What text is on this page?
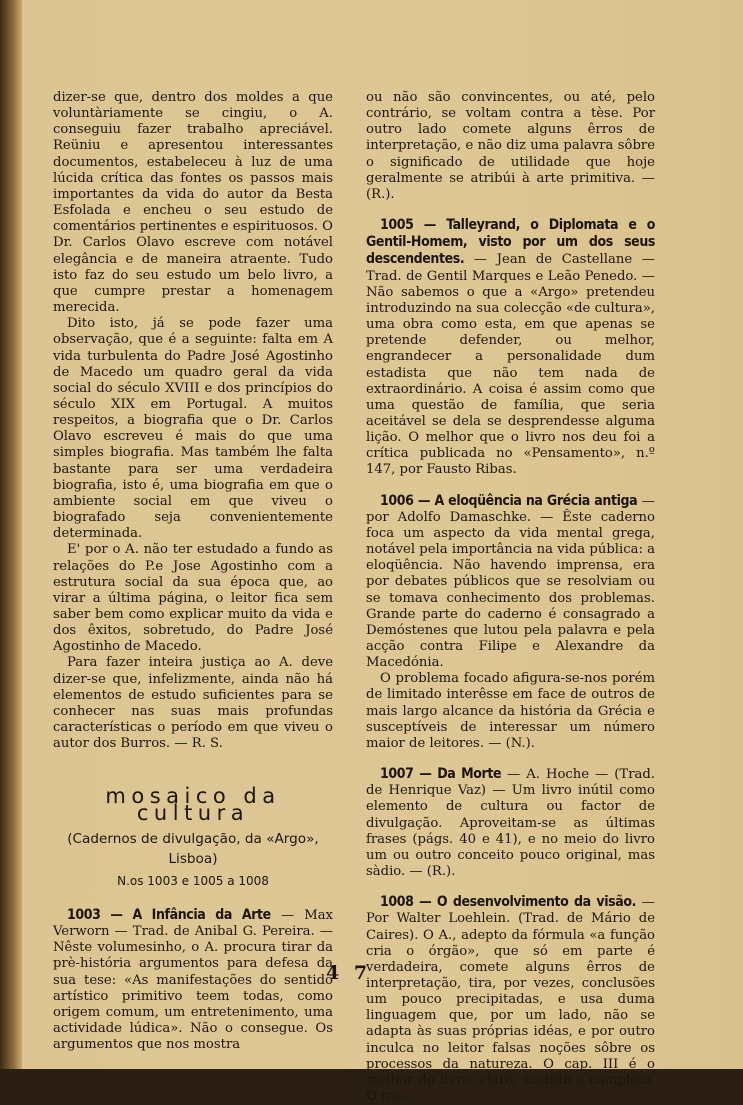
dizer-se que, dentro dos moldes a que voluntàriamente se cingiu, o A. conseguiu fazer trabalho apreciável. Reüniu e apresentou interessantes documentos, estabeleceu à luz de uma lúcida crítica das fontes os passos mais importantes da vida do autor da Besta Esfolada e encheu o seu estudo de comentários pertinentes e espirituosos. O Dr. Carlos Olavo escreve com notável elegância e de maneira atraente. Tudo isto faz do seu estudo um belo livro, a que cumpre prestar a homenagem merecida.

Dito isto, já se pode fazer uma observação, que é a seguinte: falta em A vida turbulenta do Padre José Agostinho de Macedo um quadro geral da vida social do século XVIII e dos princípios do século XIX em Portugal. A muitos respeitos, a biografia que o Dr. Carlos Olavo escreveu é mais do que uma simples biografia. Mas também lhe falta bastante para ser uma verdadeira biografia, isto é, uma biografia em que o ambiente social em que viveu o biografado seja convenientemente determinada.

E' por o A. não ter estudado a fundo as relações do P.e Jose Agostinho com a estrutura social da sua época que, ao virar a última página, o leitor fica sem saber bem como explicar muito da vida e dos êxitos, sobretudo, do Padre José Agostinho de Macedo.

Para fazer inteira justiça ao A. deve dizer-se que, infelizmente, ainda não há elementos de estudo suficientes para se conhecer nas suas mais profundas características o período em que viveu o autor dos Burros. — R. S.

mosaico da cultura

(Cadernos de divulgação, da «Argo»,

Lisboa)

N.os 1003 e 1005 a 1008

1003 — A Infância da Arte — Max Verworn — Trad. de Anibal G. Pereira. — Nêste volumesinho, o A. procura tirar da prè-história argumentos para defesa da sua tese: «As manifestações do sentido artístico primitivo teem todas, como origem comum, um entretenimento, uma actividade lúdica». Não o consegue. Os argumentos que nos mostra

ou não são convincentes, ou até, pelo contrário, se voltam contra a tèse. Por outro lado comete alguns êrros de interpretação, e não diz uma palavra sôbre o significado de utilidade que hoje geralmente se atribúi à arte primitiva. — (R.).

1005 — Talleyrand, o Diplomata e o Gentil-Homem, visto por um dos seus descendentes. — Jean de Castellane — Trad. de Gentil Marques e Leão Penedo. — Não sabemos o que a «Argo» pretendeu introduzindo na sua colecção «de cultura», uma obra como esta, em que apenas se pretende defender, ou melhor, engrandecer a personalidade dum estadista que não tem nada de extraordinário. A coisa é assim como que uma questão de família, que seria aceitável se dela se desprendesse alguma lição. O melhor que o livro nos deu foi a crítica publicada no «Pensamento», n.º 147, por Fausto Ribas.

1006 — A eloqüência na Grécia antiga — por Adolfo Damaschke. — Êste caderno foca um aspecto da vida mental grega, notável pela importância na vida pública: a eloqüência. Não havendo imprensa, era por debates públicos que se resolviam ou se tomava conhecimento dos problemas. Grande parte do caderno é consagrado a Demóstenes que lutou pela palavra e pela acção contra Filipe e Alexandre da Macedónia.

O problema focado afigura-se-nos porém de limitado interêsse em face de outros de mais largo alcance da história da Grécia e susceptíveis de interessar um número maior de leitores. — (N.).

1007 — Da Morte — A. Hoche — (Trad. de Henrique Vaz) — Um livro inútil como elemento de cultura ou factor de divulgação. Aproveitam-se as últimas frases (págs. 40 e 41), e no meio do livro um ou outro conceito pouco original, mas sàdio. — (R.).

1008 — O desenvolvimento da visão. — Por Walter Loehlein. (Trad. de Mário de Caires). O A., adepto da fórmula «a função cria o órgão», que só em parte é verdadeira, comete alguns êrros de interpretação, tira, por vezes, conclusões um pouco precipitadas, e usa duma linguagem que, por um lado, não se adapta às suas próprias idéas, e por outro inculca no leitor falsas noções sôbre os processos da natureza. O cap. III é o melhor do livro: claro, sucinto e completo. O tra-

4 7
